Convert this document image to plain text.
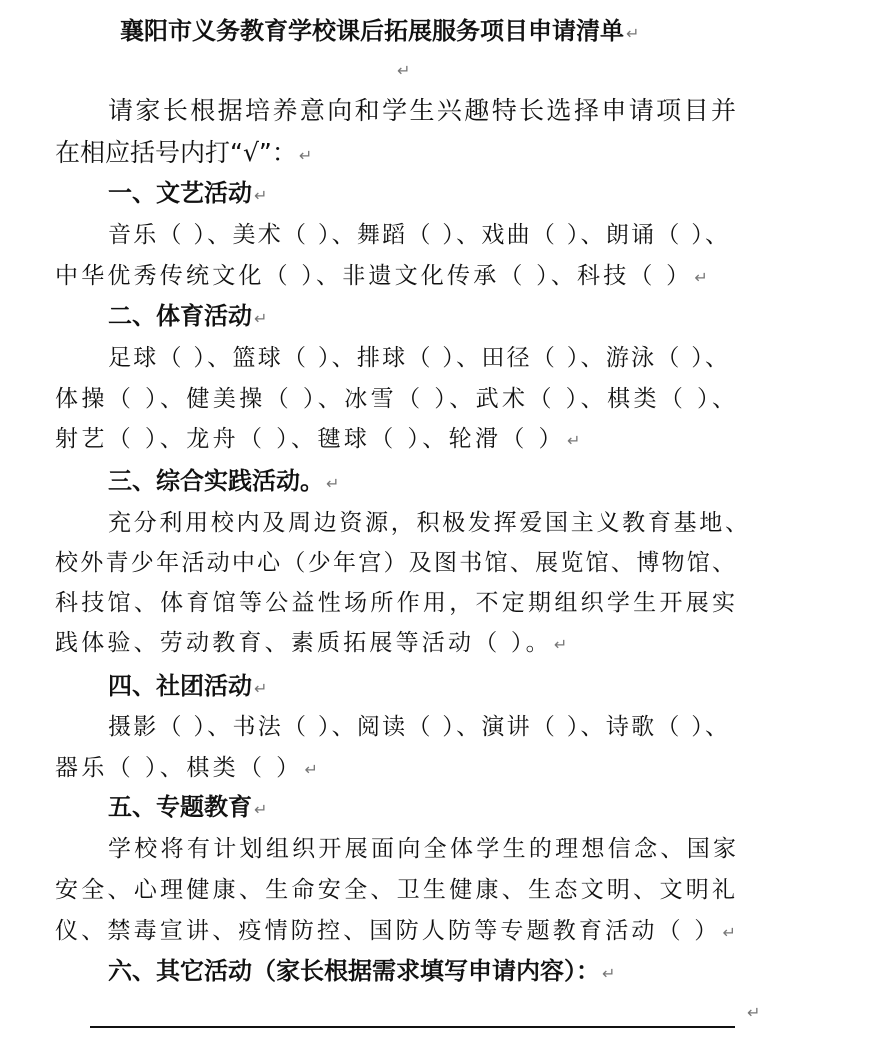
襄阳市义务教育学校课后拓展服务项目申请清单 ↵
↵
请家长根据培养意向和学生兴趣特长选择申请项目并
在相应括号内打“√”： ↵
一、文艺活动 ↵
音乐（ ）、美术（ ）、舞蹈（ ）、戏曲（ ）、朗诵（ ）、
中华优秀传统文化（ ）、非遗文化传承（ ）、科技（ ） ↵
二、体育活动 ↵
足球（ ）、篮球（ ）、排球（ ）、田径（ ）、游泳（ ）、
体操（ ）、健美操（ ）、冰雪（ ）、武术（ ）、棋类（ ）、
射艺（ ）、龙舟（ ）、毽球（ ）、轮滑（ ） ↵
三、综合实践活动。 ↵
充分利用校内及周边资源，积极发挥爱国主义教育基地、
校外青少年活动中心（少年宫）及图书馆、展览馆、博物馆、
科技馆、体育馆等公益性场所作用，不定期组织学生开展实
践体验、劳动教育、素质拓展等活动（ ）。 ↵
四、社团活动 ↵
摄影（ ）、书法（ ）、阅读（ ）、演讲（ ）、诗歌（ ）、
器乐（ ）、棋类（ ） ↵
五、专题教育 ↵
学校将有计划组织开展面向全体学生的理想信念、国家
安全、心理健康、生命安全、卫生健康、生态文明、文明礼
仪、禁毒宣讲、疫情防控、国防人防等专题教育活动（ ） ↵
六、其它活动（家长根据需求填写申请内容）： ↵
↵
